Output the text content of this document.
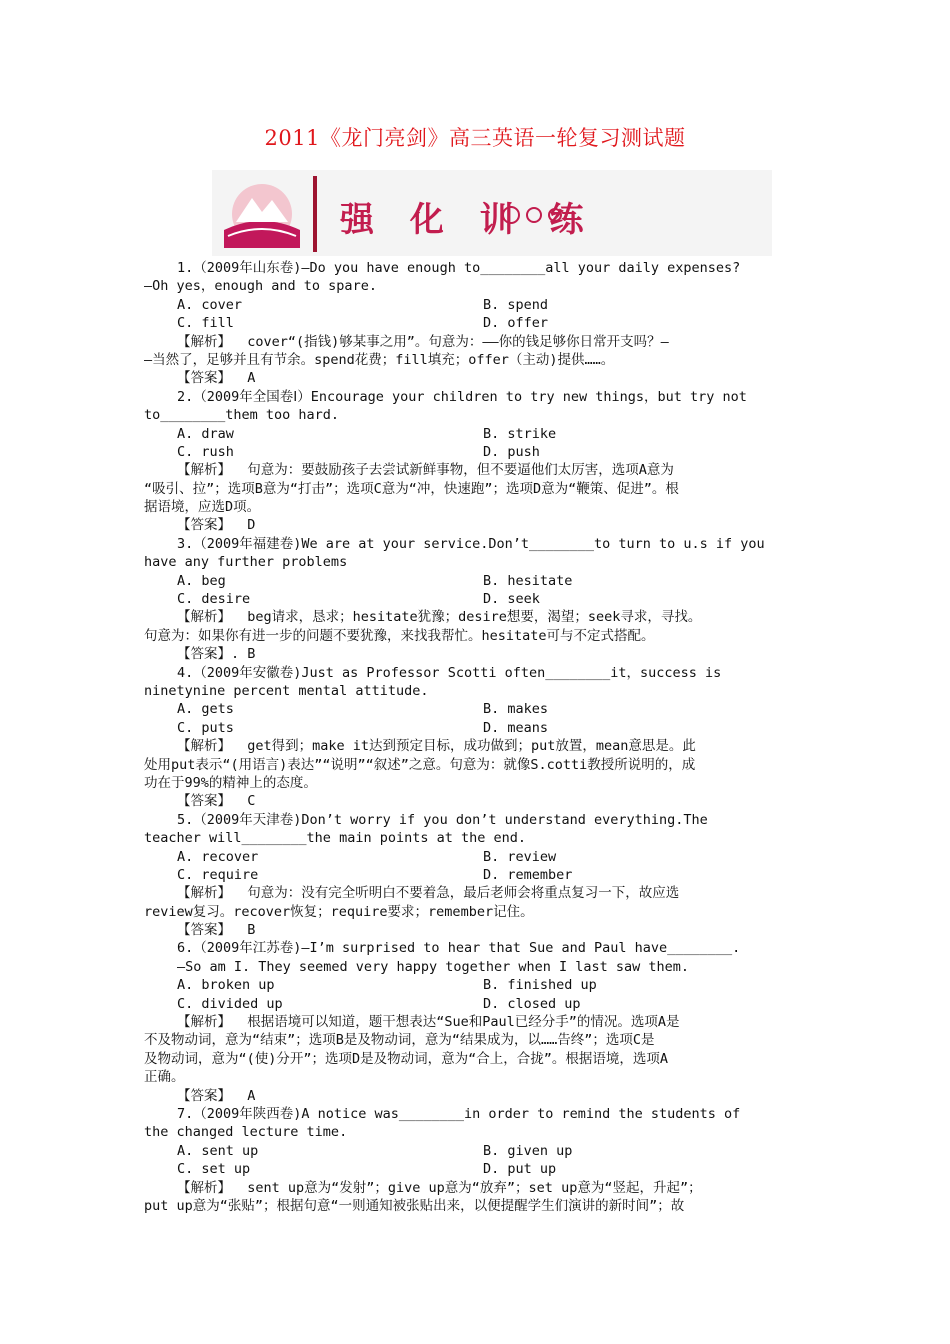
2011《龙门亮剑》高三英语一轮复习测试题
强 化 训 练
1.（2009年山东卷)—Do you have enough to________all your daily expenses?
—Oh yes，enough and to spare.
A. cover	B. spend
C. fill	D. offer
【解析】  cover“(指钱)够某事之用”。句意为：——你的钱足够你日常开支吗？—
—当然了，足够并且有节余。spend花费；fill填充；offer（主动)提供……。
【答案】  A
2.（2009年全国卷Ⅰ）Encourage your children to try new things，but try not
to________them too hard.
A. draw	B. strike
C. rush	D. push
【解析】  句意为：要鼓励孩子去尝试新鲜事物，但不要逼他们太厉害，选项A意为
“吸引、拉”；选项B意为“打击”；选项C意为“冲，快速跑”；选项D意为“鞭策、促进”。根
据语境，应选D项。
【答案】  D
3.（2009年福建卷)We are at your service.Don’t________to turn to u.s if you
have any further problems
A. beg	B. hesitate
C. desire	D. seek
【解析】  beg请求，恳求；hesitate犹豫；desire想要，渴望；seek寻求，寻找。
句意为：如果你有进一步的问题不要犹豫，来找我帮忙。hesitate可与不定式搭配。
【答案】. B
4.（2009年安徽卷)Just as Professor Scotti often________it，success is
ninetynine percent mental attitude.
A. gets	B. makes
C. puts	D. means
【解析】  get得到；make it达到预定目标，成功做到；put放置，mean意思是。此
处用put表示“(用语言)表达”“说明”“叙述”之意。句意为：就像S.cotti教授所说明的，成
功在于99%的精神上的态度。
【答案】  C
5.（2009年天津卷)Don’t worry if you don’t understand everything.The
teacher will________the main points at the end.
A. recover	B. review
C. require	D. remember
【解析】  句意为：没有完全听明白不要着急，最后老师会将重点复习一下，故应选
review复习。recover恢复；require要求；remember记住。
【答案】  B
6.（2009年江苏卷)—I’m surprised to hear that Sue and Paul have________.
—So am I. They seemed very happy together when I last saw them.
A. broken up	B. finished up
C. divided up	D. closed up
【解析】  根据语境可以知道，题干想表达“Sue和Paul已经分手”的情况。选项A是
不及物动词，意为“结束”；选项B是及物动词，意为“结果成为，以……告终”；选项C是
及物动词，意为“(使)分开”；选项D是及物动词，意为“合上，合拢”。根据语境，选项A
正确。
【答案】  A
7.（2009年陕西卷)A notice was________in order to remind the students of
the changed lecture time.
A. sent up	B. given up
C. set up	D. put up
【解析】  sent up意为“发射”；give up意为“放弃”；set up意为“竖起，升起”；
put up意为“张贴”；根据句意“一则通知被张贴出来，以便提醒学生们演讲的新时间”；故
